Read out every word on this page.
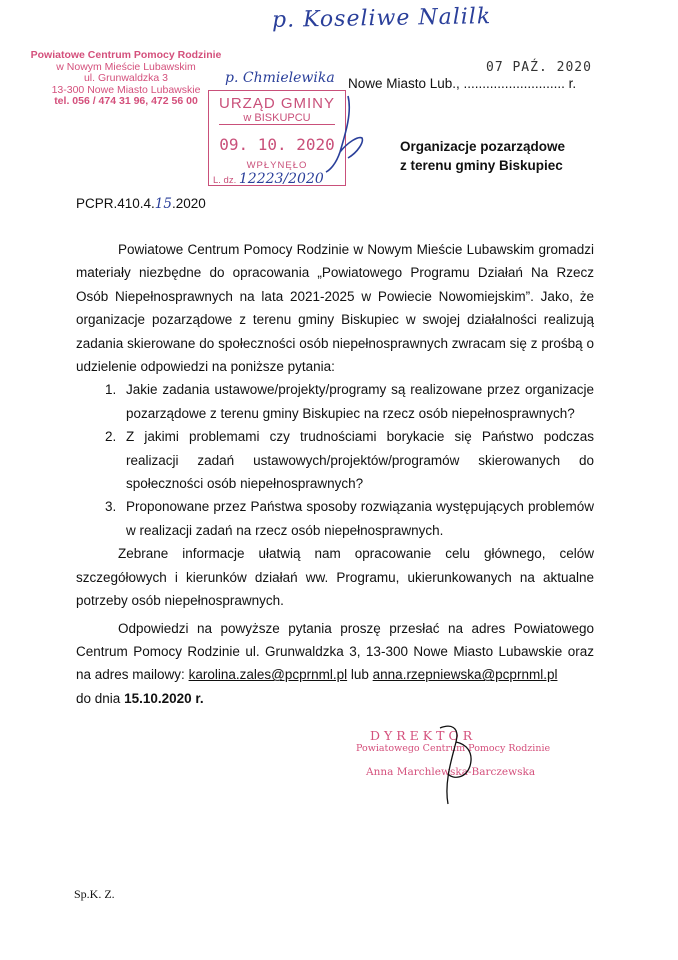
p. Koseliwe Nalilk
Powiatowe Centrum Pomocy Rodzinie
w Nowym Mieście Lubawskim
ul. Grunwaldzka 3
13-300 Nowe Miasto Lubawskie
tel. 056 / 474 31 96, 472 56 00
07 PAŹ. 2020
Nowe Miasto Lub., ........................... r.
p. Chmielewika
URZĄD GMINY
w BISKUPCU
09. 10. 2020
WPŁYNĘŁO
L. dz. 12223/2020
Organizacje pozarządowe
z terenu gminy Biskupiec
PCPR.410.4.15.2020

Powiatowe Centrum Pomocy Rodzinie w Nowym Mieście Lubawskim gromadzi materiały niezbędne do opracowania „Powiatowego Programu Działań Na Rzecz Osób Niepełnosprawnych na lata 2021-2025 w Powiecie Nowomiejskim”. Jako, że organizacje pozarządowe z terenu gminy Biskupiec w swojej działalności realizują zadania skierowane do społeczności osób niepełnosprawnych zwracam się z prośbą o udzielenie odpowiedzi na poniższe pytania:

1. Jakie zadania ustawowe/projekty/programy są realizowane przez organizacje pozarządowe z terenu gminy Biskupiec na rzecz osób niepełnosprawnych?
2. Z jakimi problemami czy trudnościami borykacie się Państwo podczas realizacji zadań ustawowych/projektów/programów skierowanych do społeczności osób niepełnosprawnych?
3. Proponowane przez Państwa sposoby rozwiązania występujących problemów w realizacji zadań na rzecz osób niepełnosprawnych.

Zebrane informacje ułatwią nam opracowanie celu głównego, celów szczegółowych i kierunków działań ww. Programu, ukierunkowanych na aktualne potrzeby osób niepełnosprawnych.

Odpowiedzi na powyższe pytania proszę przesłać na adres Powiatowego Centrum Pomocy Rodzinie ul. Grunwaldzka 3, 13-300 Nowe Miasto Lubawskie oraz na adres mailowy: karolina.zales@pcprnml.pl lub anna.rzepniewska@pcprnml.pl

do dnia 15.10.2020 r.

DYREKTOR
Powiatowego Centrum Pomocy Rodzinie
Anna Marchlewska-Barczewska
Sp.K. Z.
